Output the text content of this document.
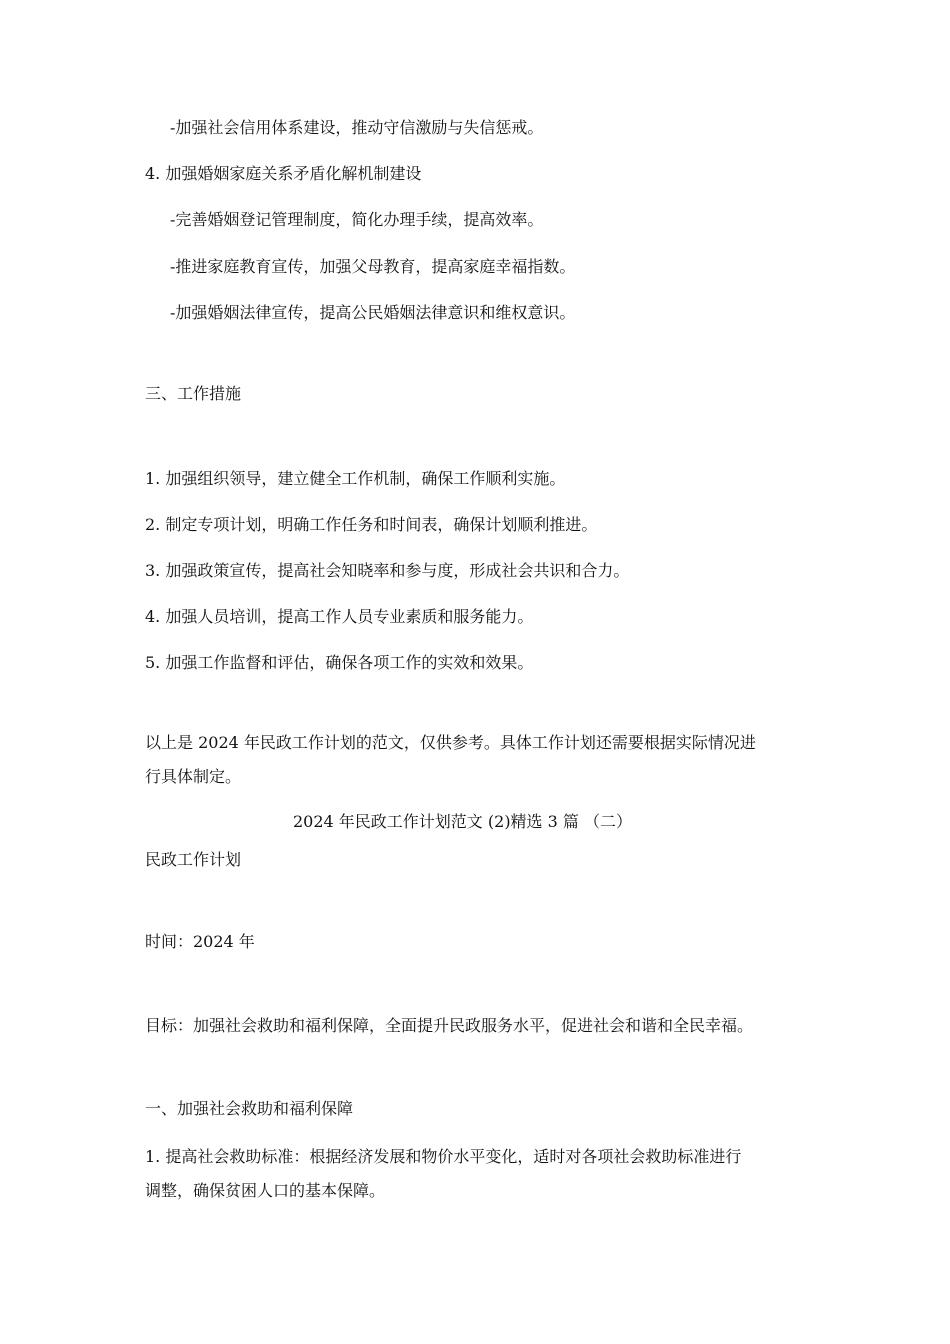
-加强社会信用体系建设，推动守信激励与失信惩戒。
4. 加强婚姻家庭关系矛盾化解机制建设
-完善婚姻登记管理制度，简化办理手续，提高效率。
-推进家庭教育宣传，加强父母教育，提高家庭幸福指数。
-加强婚姻法律宣传，提高公民婚姻法律意识和维权意识。
三、工作措施
1. 加强组织领导，建立健全工作机制，确保工作顺利实施。
2. 制定专项计划，明确工作任务和时间表，确保计划顺利推进。
3. 加强政策宣传，提高社会知晓率和参与度，形成社会共识和合力。
4. 加强人员培训，提高工作人员专业素质和服务能力。
5. 加强工作监督和评估，确保各项工作的实效和效果。
以上是 2024 年民政工作计划的范文，仅供参考。具体工作计划还需要根据实际情况进
行具体制定。
2024 年民政工作计划范文 (2)精选 3 篇 （二）
民政工作计划
时间：2024 年
目标：加强社会救助和福利保障，全面提升民政服务水平，促进社会和谐和全民幸福。
一、加强社会救助和福利保障
1. 提高社会救助标准：根据经济发展和物价水平变化，适时对各项社会救助标准进行
调整，确保贫困人口的基本保障。
